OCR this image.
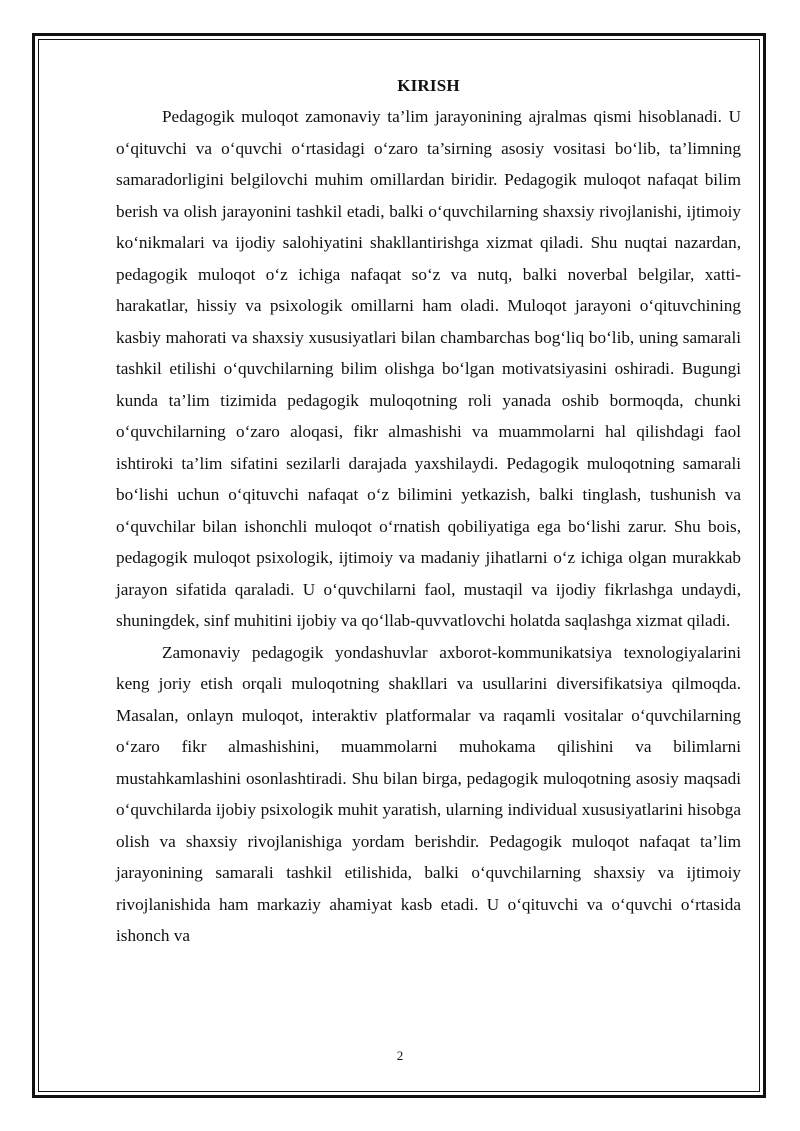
KIRISH

Pedagogik muloqot zamonaviy ta’lim jarayonining ajralmas qismi hisoblanadi. U o‘qituvchi va o‘quvchi o‘rtasidagi o‘zaro ta’sirning asosiy vositasi bo‘lib, ta’limning samaradorligini belgilovchi muhim omillardan biridir. Pedagogik muloqot nafaqat bilim berish va olish jarayonini tashkil etadi, balki o‘quvchilarning shaxsiy rivojlanishi, ijtimoiy ko‘nikmalari va ijodiy salohiyatini shakllantirishga xizmat qiladi. Shu nuqtai nazardan, pedagogik muloqot o‘z ichiga nafaqat so‘z va nutq, balki noverbal belgilar, xatti-harakatlar, hissiy va psixologik omillarni ham oladi. Muloqot jarayoni o‘qituvchining kasbiy mahorati va shaxsiy xususiyatlari bilan chambarchas bog‘liq bo‘lib, uning samarali tashkil etilishi o‘quvchilarning bilim olishga bo‘lgan motivatsiyasini oshiradi. Bugungi kunda ta’lim tizimida pedagogik muloqotning roli yanada oshib bormoqda, chunki o‘quvchilarning o‘zaro aloqasi, fikr almashishi va muammolarni hal qilishdagi faol ishtiroki ta’lim sifatini sezilarli darajada yaxshilaydi. Pedagogik muloqotning samarali bo‘lishi uchun o‘qituvchi nafaqat o‘z bilimini yetkazish, balki tinglash, tushunish va o‘quvchilar bilan ishonchli muloqot o‘rnatish qobiliyatiga ega bo‘lishi zarur. Shu bois, pedagogik muloqot psixologik, ijtimoiy va madaniy jihatlarni o‘z ichiga olgan murakkab jarayon sifatida qaraladi. U o‘quvchilarni faol, mustaqil va ijodiy fikrlashga undaydi, shuningdek, sinf muhitini ijobiy va qo‘llab-quvvatlovchi holatda saqlashga xizmat qiladi.

Zamonaviy pedagogik yondashuvlar axborot-kommunikatsiya texnologiyalarini keng joriy etish orqali muloqotning shakllari va usullarini diversifikatsiya qilmoqda. Masalan, onlayn muloqot, interaktiv platformalar va raqamli vositalar o‘quvchilarning o‘zaro fikr almashishini, muammolarni muhokama qilishini va bilimlarni mustahkamlashini osonlashtiradi. Shu bilan birga, pedagogik muloqotning asosiy maqsadi o‘quvchilarda ijobiy psixologik muhit yaratish, ularning individual xususiyatlarini hisobga olish va shaxsiy rivojlanishiga yordam berishdir. Pedagogik muloqot nafaqat ta’lim jarayonining samarali tashkil etilishida, balki o‘quvchilarning shaxsiy va ijtimoiy rivojlanishida ham markaziy ahamiyat kasb etadi. U o‘qituvchi va o‘quvchi o‘rtasida ishonch va

2
